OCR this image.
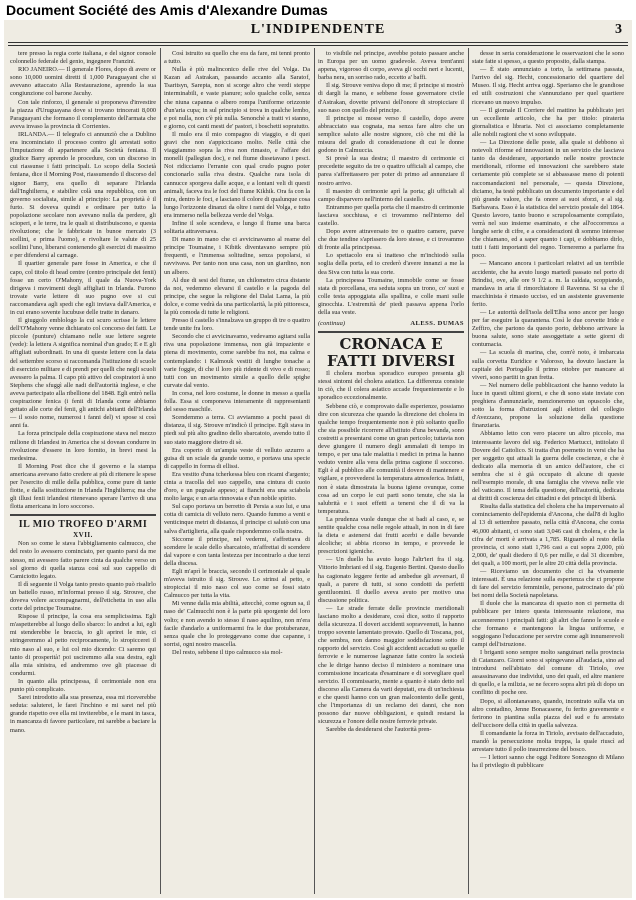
Document Société des Amis d'Alexandre Dumas
L'INDIPENDENTE	3

tere presso la regia corte italiana, e del signor console colonnello federale del genio, ingegnere Franzini.

RIO JANEIRO.— Il generale Flores, dopo di avere or sono 10,000 uomini diretti il 1,000 Paraguayani che si avevano attaccato Alla Restaurazione, aprendo la sua congiunzione col barone Jacuhy.

Con tale rinforzo, il generale si proponeva d'investire la piazza d'Uruguayana dove si trovano trincerati 8,000 Paraguayani che formano il complemento dell'armata che aveva invaso la provincia di Corrientes.

IRLANDA.— Il telegrafo ci annunziò che a Dublino era incominciato il processo contro gli arrestati sotto l'imputazione di appartenere alla Società feniana. Il giudice Barry aprendo le procedure, con un discorso in cui riassunse i fatti principali. Lo scopo della Società feniana, dice il Morning Post, riassumendo il discorso del signor Barry, era quello di separare l'Irlanda dall'Inghilterra, e stabilire colà una repubblica, con un governo socialista, simile al principio: La proprietà è il furto. Si doveva quindi e ordinare per tutto la popolazione secolare non avevano nulla da perdere, gli scioperi, e le terre, tra le quali si distribuiscono, e questa rivoluzione; che le fabbricate in bunoe mercato (3 scellini, e prima l'uomo), e rivoltare le valute di 25 scellini l'uno, liberarsi contenendo gli esercizi di massimo e per difendersi al carnage.

Il quartier generale pare fosse in America, e che il capo, col titolo di head centre (centro principale dei fenii) fosse un certo O'Mahony, il quale da Nuova-York dirigeva i movimenti degli affigliati in Irlanda. Furono trovate varie lettere di suo pugno ove si cui raccomandava agli spedi che egli inviava dall'America, e in cui erano sovente lucubuse delle tratte in danaro.

Il giuggolo emblologo la cui scuro scrisse le lettere dell'O'Mahony venne dichiarato col concorso dei fatti. Le piccole (punture) chiamano nelle sue lettere segrete (vede): la lettera A significa nominal d'un grado; E e E gli affigliati subordinati. In una di queste lettere con la data del settembre scorso si raccomanda l'istituzione di scuole di esercizio militare e di prendi per quelli che negli scuoli avessero la palma. Il capo più attivo del cospiratori à uno Stephens che sfuggì alle nadi dell'autorità inglese, e che aveva partecipato alla ribellione del 1848. Egli entrò nella cospirazione fenica (i fenii di Irlanda come abbiamo gettato alle corte del fenii, gli antichi abitanti dell'Irlanda — il sosio nome, numerosi i fanni del) vi spose si così anni fa.

La forza principale della cospirazione stava nel mezzo milione di Irlandesi in America che si dovean condurre in rivoluzione d'essere in loro fornito, in brevi mesi la medesima.

Il Morning Post dice che il governo e la stampa americana avevano fatto credere ai più di ritenere le spese per l'esercito di mille della pubblica, come pure di tante fiotte, e dalla sostituzione in Irlanda l'Inghilterra; ma che gli illusi fenii irlandesi ritenevano sperare l'arrivo di una flotta americana in loro soccorso.

IL MIO TROFEO D'ARMI

XVII.

Non so come le stava l'abbigliamento calmucco, che del resto lo avessero cominciato, per quanto parsi da me stesso, mi avessero fatto parere cinta da qualche verso un sol giorno di quella stanza così sul suo cappello di Camiciotto legato.

Il dì seguente il Volga tanto presto quanto può risalirlo un battello russo, m'informai presso il sig. Strouve, che doveva volere accompagnarmi, dell'etichetta in uso alla corte del principe Toumaine.

Rispose il principe, la cosa era semplicissima. Egli m'aspetterebbe al luogo dello sbarco: lo andrei a lui, egli mi stenderebbe le braccia, io gli aprirei le mie, ci stringeremmo al petto reciprocamente, lo stropiccerei il mio naso al suo, e lui col mio dicendo: Ci saremo qui tanto di prosperità! poi usciremmo alla sua destra, egli alla mia sinistra, ed andremmo ove gli piacesse di condurmi.

In quanto alla principessa, il cerimoniale non era punto più complicato.

Sarei introdotto alla sua presenza, essa mi riceverebbe seduta: saluterei, le farei l'inchino e mi sarei nel più grande rispetto ove ella mi inviterebbe, e le mani in tasca, in mancanza di favore particolare, mi sarebbe a baciare la mano.

Così istruito su quello che era da fare, mi tenni pronto a tutto.

Nulla è più malinconico delle rive del Volga. Da Kazan ad Astrakan, passando accanto alla Saratof, Tsaritsyn, Sarepta, non si scorge altro che verdi steppe interminabili, e vaste pianure; solo qualche colle, senza che niuna capanna o albero rompa l'uniforme orizzonte d'un'aria cupa; in sul principio si trova in qualche lembo, e poi nulla, non c'è più nulla. Senonchè a tratti vi stanno, e giorno, coi canti mesti de' pastori, i boschetti sopratutto.

Il mulo era il mio compagno di viaggio, e di quei gravi che non s'appiccicano molto. Nelle città che viaggiammo sopra la riva non rimasto, e l'affare dei monelli (pallegian doc), e nel fiume dissetavano i pesci. Noi ridicciamo l'errante con qual crudo pugno poter concionarlo sulla riva destra. Qualche rara isola di cannucce sporgeva dalle acque, e a lontani veli di questi animali, faceva tra le foci del fiume Kikhik. Ora fa con la mira, dentro le foci, e lasciano il colore di qualunque cosa lungo l'orizzonte dinanzi da oltre i rami del Volga, e tutto era immerso nella bellezza verde del Volga.

Infine il sole scendeva, e lungo il fiume una barca solitaria attraversava.

Di mano in mano che ci avvicinavamo al reame del principe Toumaine, i Kibitk diventavano sempre più frequenti, e l'immensa solitudine, senza popolarsi, si ravvivava. Per tanto non una casa, non un giardino, non un albero.

Al due di sesi del fiume, un chilometro circa distante da noi, vedemmo elevarsi il castello e la pagoda del principe, che segue la religione del Dalai Lama, la più dolce, e come vedrà da una particolarità, la più pittoresca, la più comoda di tutte le religioni.

Presso il castello s'innalzava un gruppo di tre o quattro tende unite fra loro.

Secondo che ci avvicinavamo, vedevamo agitarsi sulla riva una popolazione immensa, non già impaziente e piena di movimento, come sarebbe fra noi, ma calma e contemplando: i Kalmouk vestiti di lunghe tonache a varie foggie, di che il loro più ridente di vivo e di rosso; tutti con un movimento simile a quello delle spighe curvate dal vento.

In corsa, nel loro costume, le donne in messo a quella folla. Essa si componeva interamente di rappresentanti del sesso maschile.

Scendemmo a terra. Ci avviammo a pochi passi di distanza, il sig. Strouve m'indicò il principe. Egli stava in piedi sul più alto gradino dello sbarcatoio, avendo tutto il suo stato maggiore dietro di sè.

Era coperto di un'ampia veste di velluto azzurro a guisa di un sciale da grande uomo, e portava una specie di cappello in forma di ellissi.

Era vestito d'una tcherkessa bleu con ricami d'argento; cinta a tracolla del suo cappello, una cintura di cuoio d'oro, e un pugnale appeso; ai fianchi era una sciabola molto larga; e un aria rinnovata e d'un nobile spirito.

Sul capo portava un berretto di Persia a suo lui, e una cotta di camicia di velluto nero. Quando fummo a venti e venticinque metri di distanza, il principe ci salutò con una salva d'artiglieria, alla quale rispondemmo colla nostra.

Siccome il principe, nel vedermi, s'affrettava di scendere le scale dello sbarcatoio, m'affrettai di scendere dal vapore e con tanta lestezza per incontrarlo a due terzi della discesa.

Egli m'aprì le braccia, secondo il cerimoniale al quale m'aveva istruito il sig. Strouve. Lo strinsi al petto, e stropicciai il mio naso col suo come se fossi stato Calmucco per tutta la vita.

Mi venne dalla mia abilità, attecchè, come ognun sa, il naso de' Calmucchi non è la parte più sporgente del loro volto; e non avendo io stesso il naso aquilino, non m'era facile d'andarlo a uniformarmi fra le due protuberanze, senza quale che lo proteggevano come due capanne, i sorrisi, ogni nostro mascella.

Del resto, sebbene il tipo calmucco sia mol-

to visibile nel principe, avrebbe potuto passare anche in Europa per un uomo gradevole. Aveva trent'anni appena, vigoroso di corpo, aveva gli occhi neri e lucenti, barba nera, un sorriso rado, eccetto a' baffi.

Il sig. Strouve veniva dopo di me; il principe si mostrò di dargli la mano, e sebbene fosse governatore civile d'Astrakan, dovette privarsi dell'onore di stropicciare il suo naso con quello del principe.

Il principe si mosse verso il castello, dopo avere abbracciato sua cognata, ma senza fare altro che un semplice saluto alle nostre signore, ciò che mi diè la misura del grado di considerazione di cui le donne godono in Calmuccia.

Si presè la sua destra; il maestro di cerimonie ci precedette seguito da tre o quattro ufficiali al campo, che parea s'affrettassero per poter di primo ad annunziare il nostro arrivo.

Il maestro di cerimonie aprì la porta; gli ufficiali al campo disparvero nell'interno del castello.

Entrammo per quella porta che il maestro di cerimonie lasciava socchiusa, e ci trovammo nell'interno del castello.

Dopo avere attraversato tre o quattro camere, parve che due tendine s'aprissero da loro stesse, e ci trovammo di fronte alla principessa.

Lo spettacolo era sì inatteso che m'inchiodò sulla soglia della porta, ed io crederò d'avere innanzi a me la dea Siva con tutta la sua corte.

La principessa Toumaine, immobile come se fosse stata di porcellana, era seduta sopra un trono, co' suoi e colle testa appoggiata alla spallina, e colle mani sulle ginocchia. L'estremità de' piedi passava appena l'orlo della sua veste.

(continua)	ALESS. DUMAS

CRONACA E FATTI DIVERSI

Il cholera morbus sporadico europeo presenta gli stessi sintomi del cholera asiatico. La differenza consiste in ciò, che il colera asiatico accade frequentemente e lo sporadico eccezionalmente.

Sebbene ciò, e comprovato dalle esperienze, possiamo dire con sicurezza che quando la direzione dei cholera in qualche tempo frequentemente non è più soltanto quello che sia possibile ricorrere all'istituto d'una bevanda, sono costretti a presentarsi come un gran pericolo; tuttavia non deve giungere il numero degli ammalati di tempo in tempo, e per una tale malattia i medici in prima la hanno veduto venire alla vera della prima cagione il soccorso. Egli è al pubblico alle comunità il dovere di mantenere e vigilare, e provvedersi la temperatura atmosferica. Infatti, non è stata dimostrata la buona igiene ovunque, come cosa ad un corpo le cui parti sono tenute, che sia la salubrità e i suoi effetti a tenersi che il dì va la temperatura.

La prudenza vuole dunque che si badi al caso, e, se sentite qualche cosa nelle regole attuali, in non in di fare la dieta e astenersi dai frutti acerbi e dalle bevande alcoliche; si abbia ricorso in tempo, e provvede le prescrizioni igieniche.

— Un duello ha avuto luogo l'altr'ieri fra il sig. Vittorio Imbriani ed il sig. Eugenio Bertini. Questo duello ha cagionato leggere ferite ad ambedue gli avversari, il quali, a parere di tutti, si sono condotti da perfetti gentiluomini. Il duello aveva avuto per motivo una discussione politica.

— Le strade ferrate delle provincie meridionali lasciano molto a desiderare, così dice, sotto il rapporto della sicurezza. Il doveri accidenti sopravvenuti, la hanno troppo sovente lamentato provato. Quello di Toscana, poi, che sembra, non danno maggior soddisfazione sotto il rapporto del servizio. Così gli accidenti accaduti su quelle ferrovie e le numerose lagnanze fatte contro la società che le dirige hanno deciso il ministero a nominare una commissione incaricata d'esaminare e di sorvegliare quel servizio. Il commissario, mente a quanto è stato detto nel discorso alla Camera da varii deputati, era di un'inchiesta e che questi hanno con un gran malcontento delle genti, che l'importanza di un reclamo dei danni, che non possono dar nuove obbligazioni, e quindi restarsi la sicurezza e l'onore delle nostre ferrovie private.

Sarebbe da desiderarsi che l'autorità pren-

desse in seria considerazione le osservazioni che le sono state fatte si spesso, a questo proposito, dalla stampa.

— È stato annunziato a torto, la settimana passata, l'arrivo del sig. Hecht, concessionario del quartiere del Museo. Il sig. Hecht arriva oggi. Speriamo che le grandiose ed utili costruzioni che s'annunziano per quel quartiere ricevano un nuovo impulso.

— Il giornale Il Corriere del mattino ha pubblicato jeri un eccellente articolo, che ha per titolo: pirateria giornalistica e libraria. Noi ci associamo completamente alle nobili ragioni che vi sono sviluppate.

— La Direzione delle poste, alla quale si debbono sì notevoli riforme ed innovazioni in un servizio che lasciava tanto da desiderare, apportando nelle nostre provincie meridionali, riforme ed innovazioni che sarebbero state certamente più complete se si abbassasse meno di potenti raccomandazioni nel personale, — questa Direzione, diciamo, ha testè pubblicato un documento importante e del più grande valore, che fa onore ai suoi sforzi, e al sig. Barbavara. Esso è la statistica del servizio postale del 1864. Questo lavoro, tanto buono e scrupolosamente compilato, verrà nel suo insieme esaminato, e che all'occorrenza a lunghe serie di cifre, e a considerazioni di sommo interesse che chiamano, ed a saper quanto i capi, e dobbiamo dirlo, tutti i fatti importanti del regno. Torneremo a parlarne fra poco.

— Mancano ancora i particolari relativi ad un terribile accidente, che ha avuto luogo martedì passato nel porto di Brindisi, ove, alle ore 9 1/2 a. m. la caldaia, scoppiando, mandava in aria il rimorchiatore il Ravenna. Si sa che il macchinista è rimasto ucciso, ed un assistente gravemente ferito.

— Le autorità dell'isola dell'Elba sono ancor per luogo per far eseguire la quarantena. Così le due corvette Iride e Zeffiro, che partono da questo porto, debbono arrivare la buona salute, sono state assoggettate a sette giorni di contumacia.

— La scuola di marina, che, com'è noto, è imbarcata sulla corvetta Euridice e Valoroso, ha dovuto lasciare la capitale dei Portogallo il primo ottobre per mancare ai viveri, sono partiti in gran fretta.

— Nel numero delle pubblicazioni che hanno veduto la luce in questi ultimi giorni, e che di sono state inviate con preghiera d'annunziarle, menzioneremo un opuscolo che, sotto la forma d'istruzioni agli elettori del collegio d'Avezzano, propone la soluzione della questione finanziaria.

Abbiamo letto con vero piacere un altro piccolo, ma interessante lavoro del sig. Federico Martucci, intitolato il Dovere del Cattolico. Si tratta d'un poemetto in versi che ha per soggetto qui attuali la guerra delle coscienze, e che è dedicato alla memoria di un amico dell'autore, che ci sembra che si è già occupato di alcune di queste nell'esempio morale, di una famiglia che viveva nelle vie del vaticano. Il tema della questione, dell'autorità, dedicata ai diritti di coscienza dei cittadini e dei principi di libertà.

Risulta dalla statistica del cholera che ha imperversato al cominciamento dell'epidemia d'Ancona, che dall'8 di luglio al 13 di settembre passato, nella città d'Ancona, che conta 46,000 abitanti, ci sono stati 3,046 casi di cholera, e che la cifra de' morti è arrivata a 1,785. Riguardo al resto della provincia, ci sono stati 1,796 casi a cui sopra 2,000, più 2,000, de' quali diedero il 0,6 per mille, e dal 31 dicembre, dei quali, a 100 morti, per le altre 20 città della provincia.

— Riceviamo un documento che ci ha vivamente interessati. È una relazione sulla esperienza che ci propone di fare del servizio femminile, persone, patrocinato da' più bei nomi della Società napoletana.

Il duole che la mancanza di spazio non ci permetta di pubblicare per intero questa interessante relazione, ma accenneremo i principali fatti: gli altri che fanno le scuole e che formano e mantengono la lingua uniforme, e soggiogano l'educazione per servire come agli innumerevoli campi dell'istruzione.

I briganti sono sempre molto sanguinari nella provincia di Catanzaro. Giorni sono si spingevano all'audacia, sino ad introdursi nell'abitato del comune di Tiriolo, ove assassinavano due individui, uno dei quali, ed altre maniere di quello, e la milizia, se ne fecero sopra altri più di dopo un conflitto di poche ore.

Dopo, si allontanavano, quando, incontrato sulla via un altro contadino, Jenne Bonacasene, fu ferito gravemente e ferirono in piantina sulla piazza del sud e fu arrestato dell'uccisore della città in quella salvezza.

Il comandante la forza in Tiriolo, avvisato dell'accaduto, mandò la persecuzione molta truppa, la quale riuscì ad arrestare tutto il pollo insurrezione del bosco.

— I lettori sanno che oggi l'editore Sonzogno di Milano ha il privilegio di pubblicare
